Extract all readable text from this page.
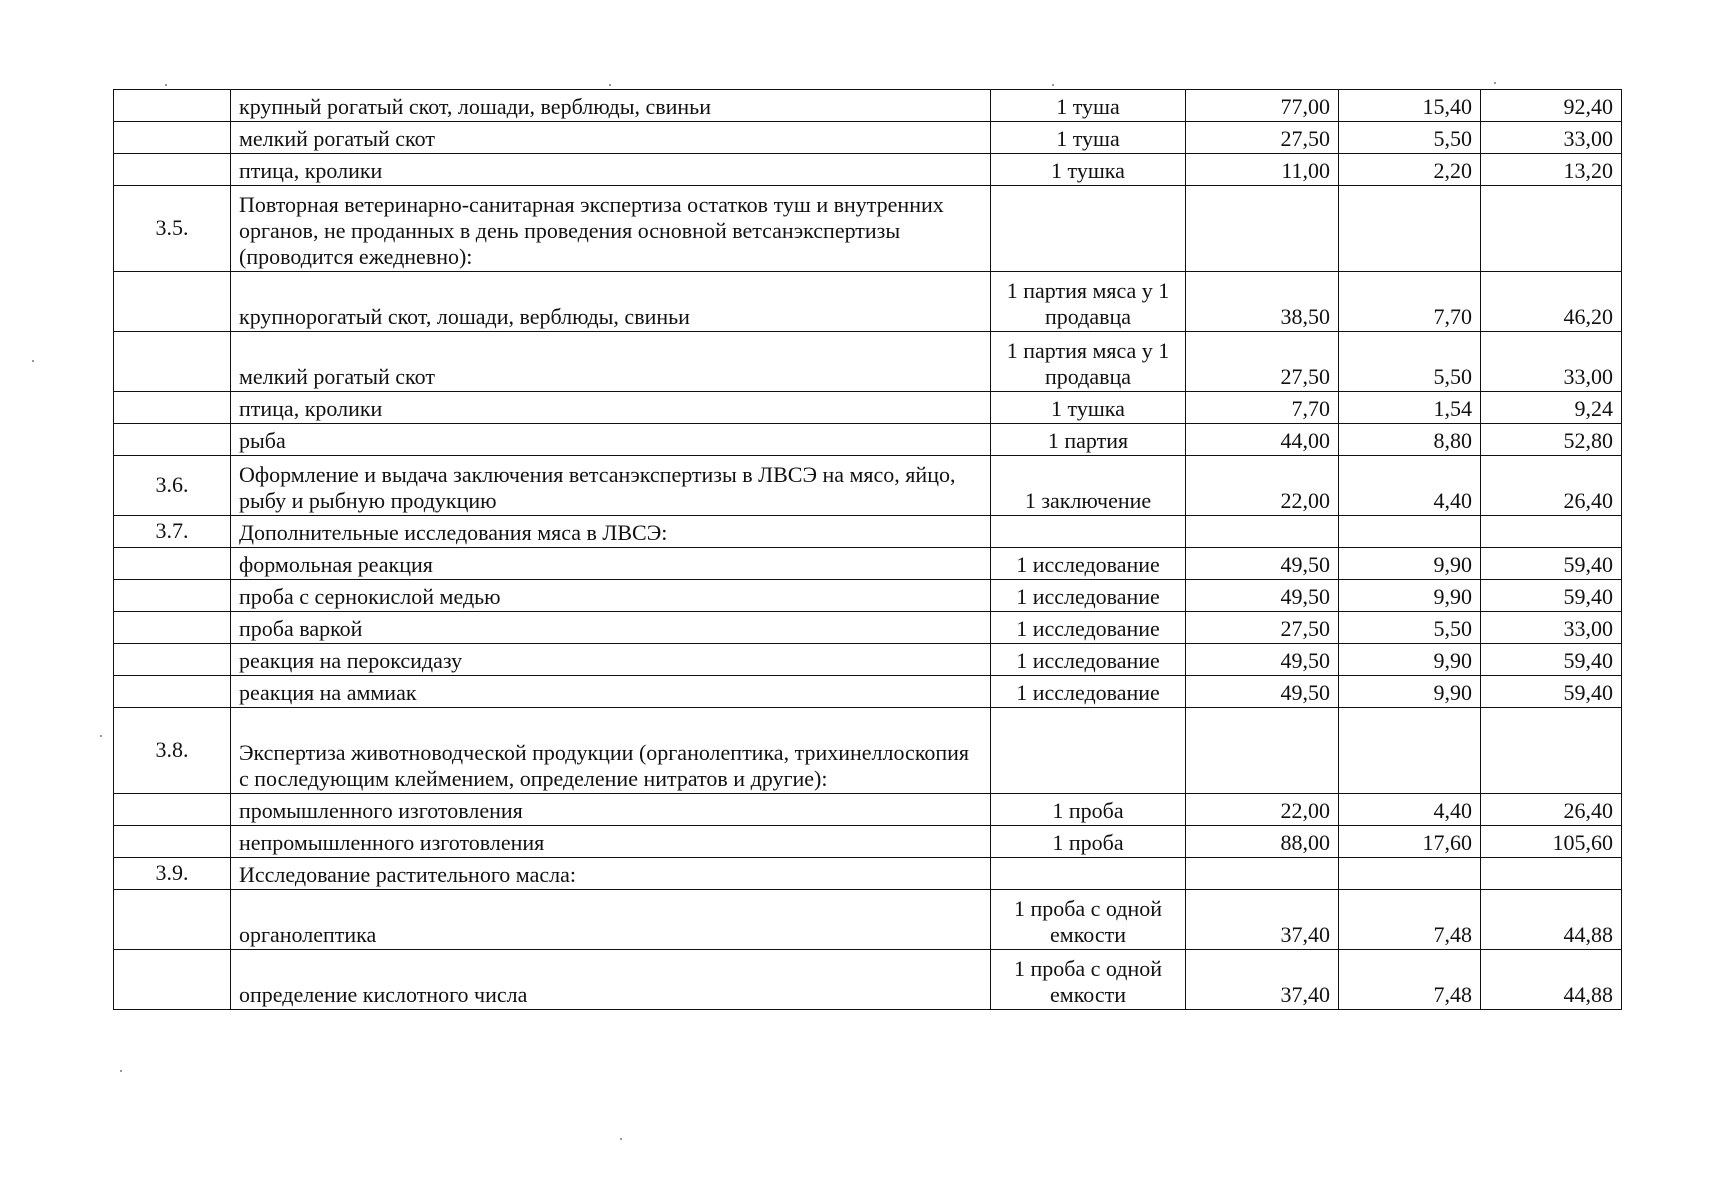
	крупный рогатый скот, лошади, верблюды, свиньи	1 туша	77,00	15,40	92,40
	мелкий рогатый скот	1 туша	27,50	5,50	33,00
	птица, кролики	1 тушка	11,00	2,20	13,20
3.5.	Повторная ветеринарно-санитарная экспертиза остатков туш и внутренних органов, не проданных в день проведения основной ветсанэкспертизы (проводится ежедневно):				
	крупнорогатый скот, лошади, верблюды, свиньи	1 партия мяса у 1 продавца	38,50	7,70	46,20
	мелкий рогатый скот	1 партия мяса у 1 продавца	27,50	5,50	33,00
	птица, кролики	1 тушка	7,70	1,54	9,24
	рыба	1 партия	44,00	8,80	52,80
3.6.	Оформление и выдача заключения ветсанэкспертизы в ЛВСЭ на мясо, яйцо, рыбу и рыбную продукцию	1 заключение	22,00	4,40	26,40
3.7.	Дополнительные исследования мяса в ЛВСЭ:				
	формольная реакция	1 исследование	49,50	9,90	59,40
	проба с сернокислой медью	1 исследование	49,50	9,90	59,40
	проба варкой	1 исследование	27,50	5,50	33,00
	реакция на пероксидазу	1 исследование	49,50	9,90	59,40
	реакция на аммиак	1 исследование	49,50	9,90	59,40
3.8.	Экспертиза животноводческой продукции (органолептика, трихинеллоскопия с последующим клеймением, определение нитратов и другие):				
	промышленного изготовления	1 проба	22,00	4,40	26,40
	непромышленного изготовления	1 проба	88,00	17,60	105,60
3.9.	Исследование растительного масла:				
	органолептика	1 проба с одной емкости	37,40	7,48	44,88
	определение кислотного числа	1 проба с одной емкости	37,40	7,48	44,88
